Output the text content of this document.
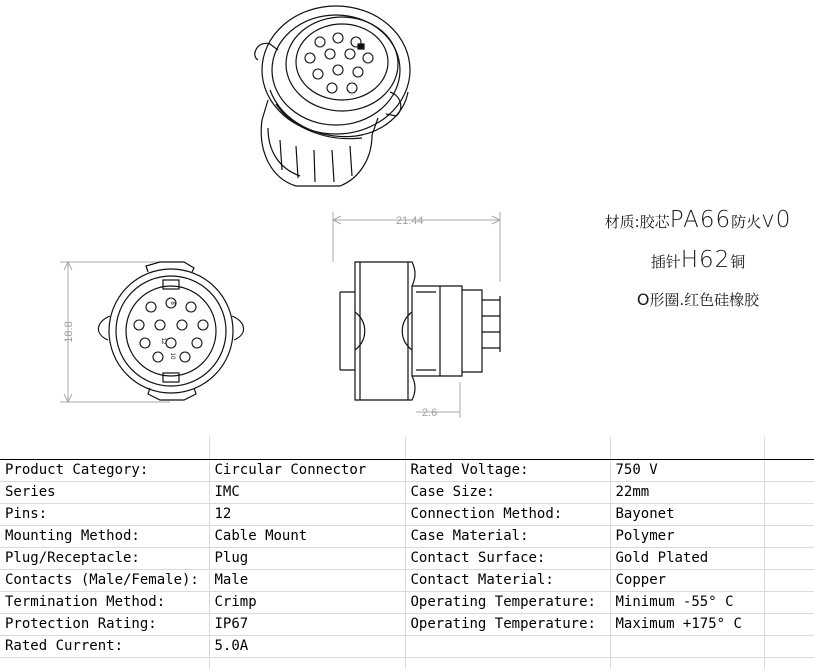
21.44
18.8
2.6
8
12
10
材质:胶芯PA66防火v0
插针H62铜
O形圈.红色硅橡胶

Product Category:	Circular Connector	Rated Voltage:	750 V	
Series	IMC	Case Size:	22mm	
Pins:	12	Connection Method:	Bayonet	
Mounting Method:	Cable Mount	Case Material:	Polymer	
Plug/Receptacle:	Plug	Contact Surface:	Gold Plated	
Contacts (Male/Female):	Male	Contact Material:	Copper	
Termination Method:	Crimp	Operating Temperature:	Minimum -55° C	
Protection Rating:	IP67	Operating Temperature:	Maximum +175° C	
Rated Current:	5.0A			
